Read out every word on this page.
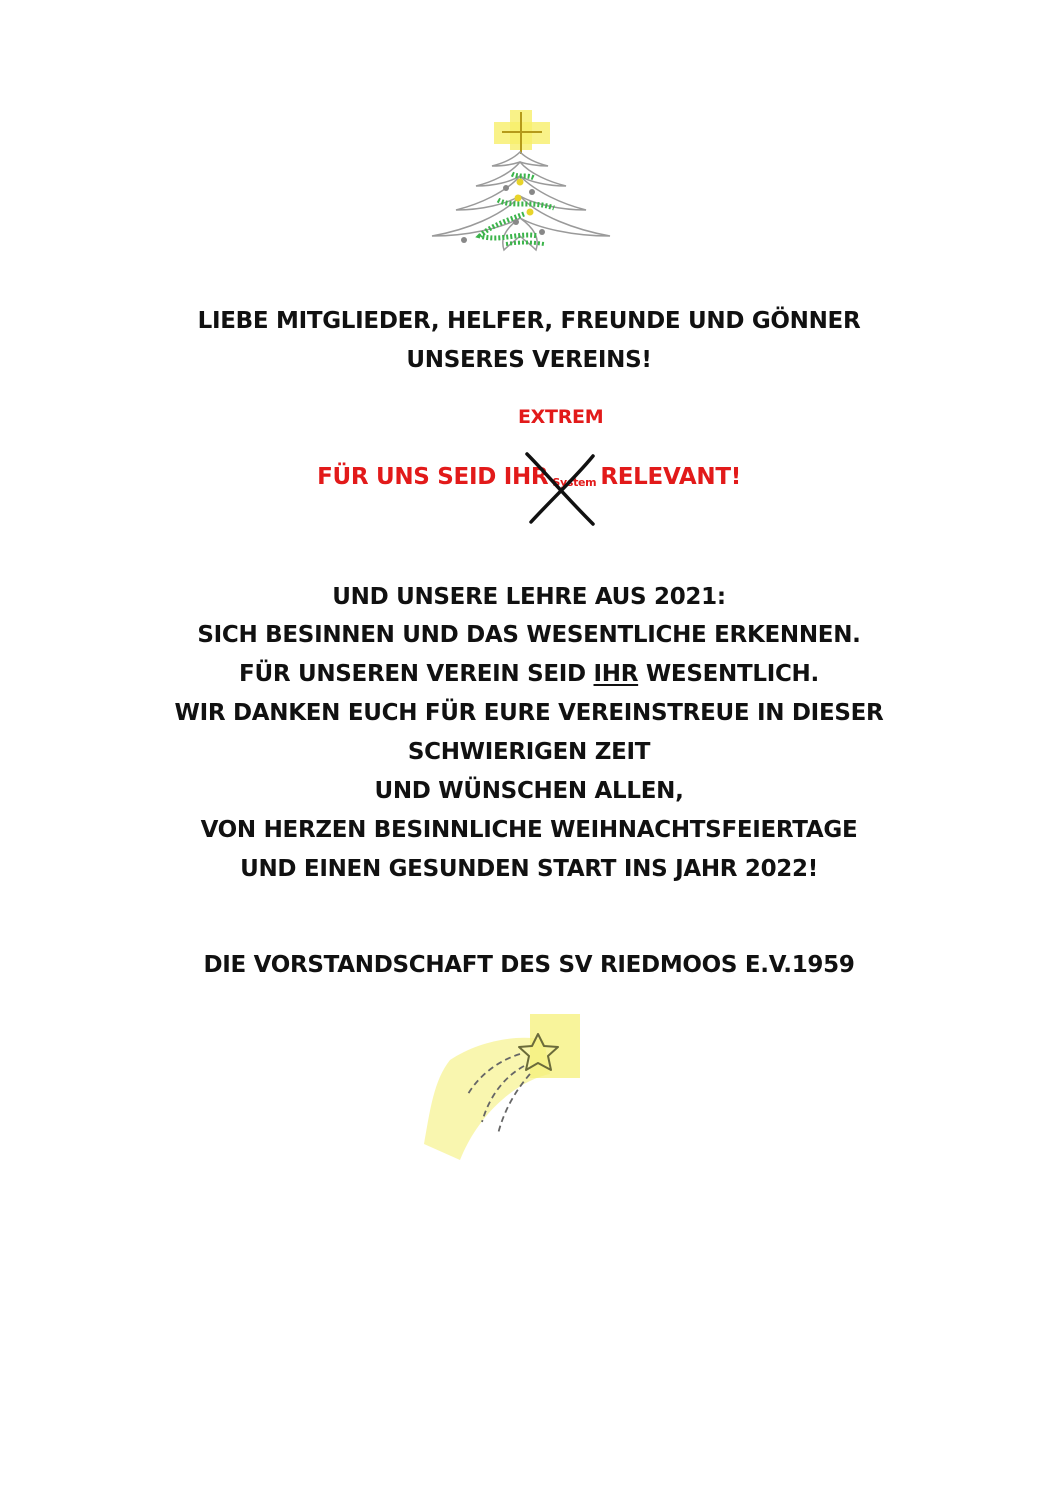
LIEBE MITGLIEDER, HELFER, FREUNDE UND GÖNNER
UNSERES VEREINS!
EXTREM
FÜR UNS SEID IHR System RELEVANT!
UND UNSERE LEHRE AUS 2021:
SICH BESINNEN UND DAS WESENTLICHE ERKENNEN.
FÜR UNSEREN VEREIN SEID IHR WESENTLICH.
WIR DANKEN EUCH FÜR EURE VEREINSTREUE IN DIESER
SCHWIERIGEN ZEIT
UND WÜNSCHEN ALLEN,
VON HERZEN BESINNLICHE WEIHNACHTSFEIERTAGE
UND EINEN GESUNDEN START INS JAHR 2022!
DIE VORSTANDSCHAFT DES SV RIEDMOOS E.V.1959
